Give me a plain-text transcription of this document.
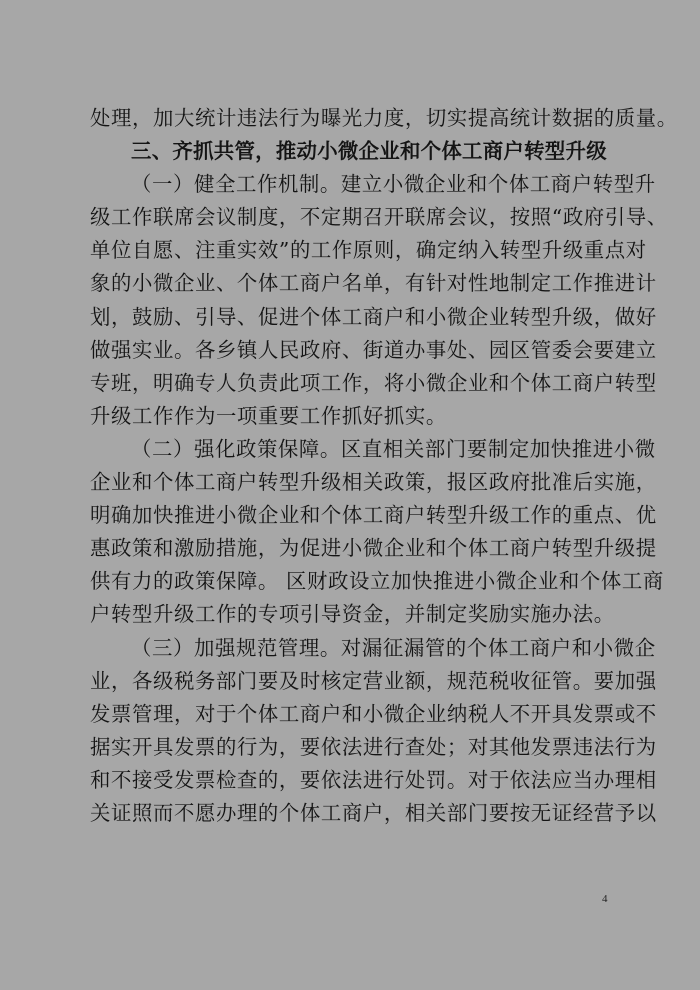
处理，加大统计违法行为曝光力度，切实提高统计数据的质量。
三、齐抓共管，推动小微企业和个体工商户转型升级
（一）健全工作机制。建立小微企业和个体工商户转型升
级工作联席会议制度，不定期召开联席会议，按照“政府引导、
单位自愿、注重实效”的工作原则，确定纳入转型升级重点对
象的小微企业、个体工商户名单，有针对性地制定工作推进计
划，鼓励、引导、促进个体工商户和小微企业转型升级，做好
做强实业。各乡镇人民政府、街道办事处、园区管委会要建立
专班，明确专人负责此项工作，将小微企业和个体工商户转型
升级工作作为一项重要工作抓好抓实。
（二）强化政策保障。区直相关部门要制定加快推进小微
企业和个体工商户转型升级相关政策，报区政府批准后实施，
明确加快推进小微企业和个体工商户转型升级工作的重点、优
惠政策和激励措施，为促进小微企业和个体工商户转型升级提
供有力的政策保障。 区财政设立加快推进小微企业和个体工商
户转型升级工作的专项引导资金，并制定奖励实施办法。
（三）加强规范管理。对漏征漏管的个体工商户和小微企
业，各级税务部门要及时核定营业额，规范税收征管。要加强
发票管理，对于个体工商户和小微企业纳税人不开具发票或不
据实开具发票的行为，要依法进行查处；对其他发票违法行为
和不接受发票检查的，要依法进行处罚。对于依法应当办理相
关证照而不愿办理的个体工商户，相关部门要按无证经营予以
4
